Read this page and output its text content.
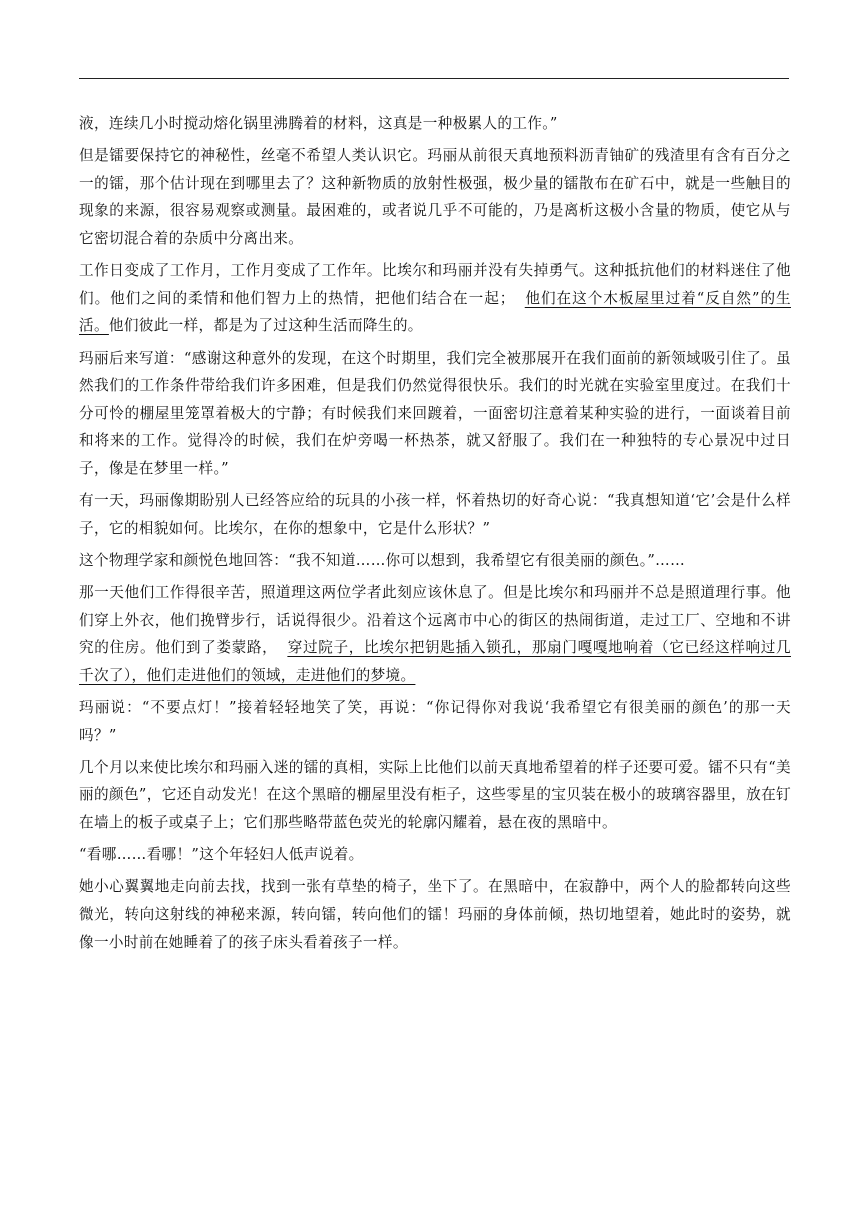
液，连续几小时搅动熔化锅里沸腾着的材料，这真是一种极累人的工作。”

但是镭要保持它的神秘性，丝毫不希望人类认识它。玛丽从前很天真地预料沥青铀矿的残渣里有含有百分之一的镭，那个估计现在到哪里去了？这种新物质的放射性极强，极少量的镭散布在矿石中，就是一些触目的现象的来源，很容易观察或测量。最困难的，或者说几乎不可能的，乃是离析这极小含量的物质，使它从与它密切混合着的杂质中分离出来。

工作日变成了工作月，工作月变成了工作年。比埃尔和玛丽并没有失掉勇气。这种抵抗他们的材料迷住了他们。他们之间的柔情和他们智力上的热情，把他们结合在一起； 他们在这个木板屋里过着“反自然”的生活。他们彼此一样，都是为了过这种生活而降生的。

玛丽后来写道：“感谢这种意外的发现，在这个时期里，我们完全被那展开在我们面前的新领域吸引住了。虽然我们的工作条件带给我们许多困难，但是我们仍然觉得很快乐。我们的时光就在实验室里度过。在我们十分可怜的棚屋里笼罩着极大的宁静；有时候我们来回踱着，一面密切注意着某种实验的进行，一面谈着目前和将来的工作。觉得冷的时候，我们在炉旁喝一杯热茶，就又舒服了。我们在一种独特的专心景况中过日子，像是在梦里一样。”

有一天，玛丽像期盼别人已经答应给的玩具的小孩一样，怀着热切的好奇心说：“我真想知道‘它’会是什么样子，它的相貌如何。比埃尔，在你的想象中，它是什么形状？”

这个物理学家和颜悦色地回答：“我不知道……你可以想到，我希望它有很美丽的颜色。”……

那一天他们工作得很辛苦，照道理这两位学者此刻应该休息了。但是比埃尔和玛丽并不总是照道理行事。他们穿上外衣，他们挽臂步行，话说得很少。沿着这个远离市中心的街区的热闹街道，走过工厂、空地和不讲究的住房。他们到了娄蒙路， 穿过院子，比埃尔把钥匙插入锁孔，那扇门嘎嘎地响着（它已经这样响过几千次了），他们走进他们的领域，走进他们的梦境。

玛丽说：“不要点灯！”接着轻轻地笑了笑，再说：“你记得你对我说‘我希望它有很美丽的颜色’的那一天吗？”

几个月以来使比埃尔和玛丽入迷的镭的真相，实际上比他们以前天真地希望着的样子还要可爱。镭不只有“美丽的颜色”，它还自动发光！在这个黑暗的棚屋里没有柜子，这些零星的宝贝装在极小的玻璃容器里，放在钉在墙上的板子或桌子上；它们那些略带蓝色荧光的轮廓闪耀着，悬在夜的黑暗中。

“看哪……看哪！”这个年轻妇人低声说着。

她小心翼翼地走向前去找，找到一张有草垫的椅子，坐下了。在黑暗中，在寂静中，两个人的脸都转向这些微光，转向这射线的神秘来源，转向镭，转向他们的镭！玛丽的身体前倾，热切地望着，她此时的姿势，就像一小时前在她睡着了的孩子床头看着孩子一样。
